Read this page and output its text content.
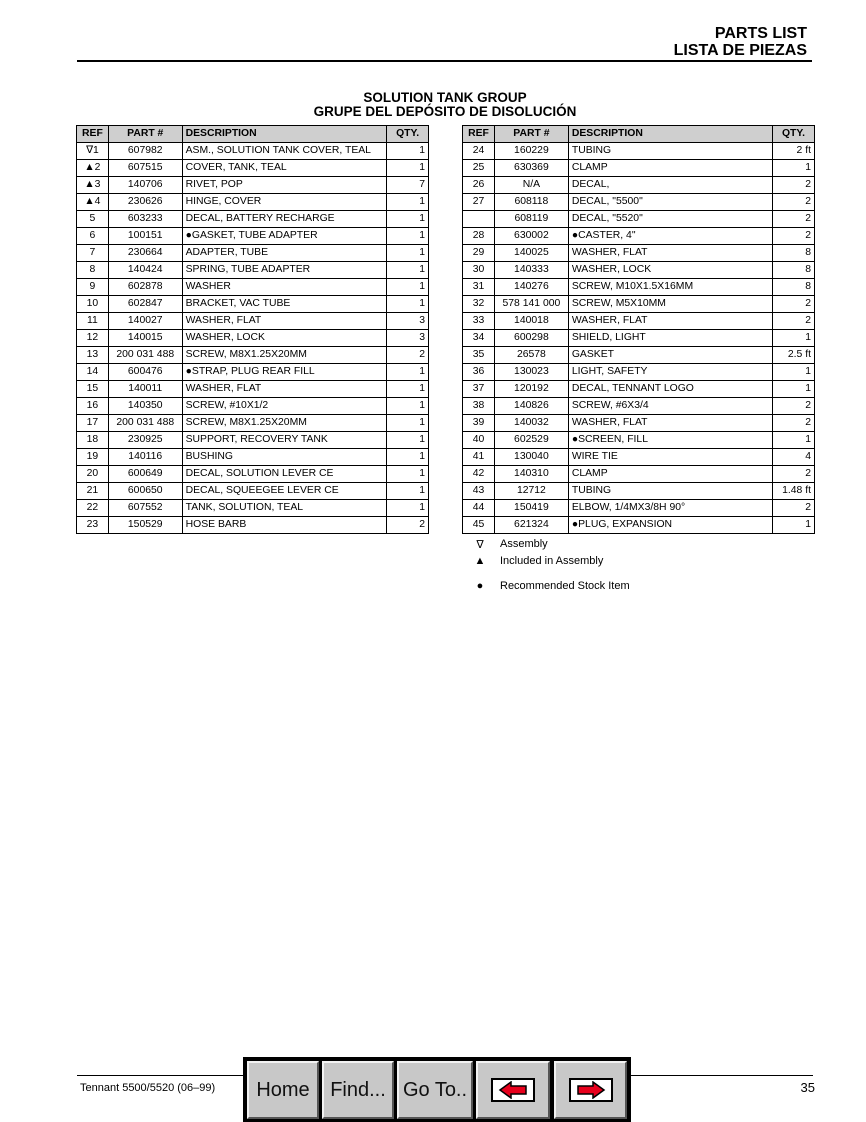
PARTS LIST
LISTA DE PIEZAS
SOLUTION TANK GROUP
GRUPE DEL DEPÓSITO DE DISOLUCIÓN
REF	PART #	DESCRIPTION	QTY.
∇1	607982	ASM., SOLUTION TANK COVER, TEAL	1
▲2	607515	COVER, TANK, TEAL	1
▲3	140706	RIVET, POP	7
▲4	230626	HINGE, COVER	1
5	603233	DECAL, BATTERY RECHARGE	1
6	100151	●GASKET, TUBE ADAPTER	1
7	230664	ADAPTER, TUBE	1
8	140424	SPRING, TUBE ADAPTER	1
9	602878	WASHER	1
10	602847	BRACKET, VAC TUBE	1
11	140027	WASHER, FLAT	3
12	140015	WASHER, LOCK	3
13	200 031 488	SCREW, M8X1.25X20MM	2
14	600476	●STRAP, PLUG REAR FILL	1
15	140011	WASHER, FLAT	1
16	140350	SCREW, #10X1/2	1
17	200 031 488	SCREW, M8X1.25X20MM	1
18	230925	SUPPORT, RECOVERY TANK	1
19	140116	BUSHING	1
20	600649	DECAL, SOLUTION LEVER CE	1
21	600650	DECAL, SQUEEGEE LEVER CE	1
22	607552	TANK, SOLUTION, TEAL	1
23	150529	HOSE BARB	2
REF	PART #	DESCRIPTION	QTY.
24	160229	TUBING	2 ft
25	630369	CLAMP	1
26	N/A	DECAL,	2
27	608118	DECAL, "5500"	2
	608119	DECAL, "5520"	2
28	630002	●CASTER, 4"	2
29	140025	WASHER, FLAT	8
30	140333	WASHER, LOCK	8
31	140276	SCREW, M10X1.5X16MM	8
32	578 141 000	SCREW, M5X10MM	2
33	140018	WASHER, FLAT	2
34	600298	SHIELD, LIGHT	1
35	26578	GASKET	2.5 ft
36	130023	LIGHT, SAFETY	1
37	120192	DECAL, TENNANT LOGO	1
38	140826	SCREW, #6X3/4	2
39	140032	WASHER, FLAT	2
40	602529	●SCREEN, FILL	1
41	130040	WIRE TIE	4
42	140310	CLAMP	2
43	12712	TUBING	1.48 ft
44	150419	ELBOW, 1/4MX3/8H 90°	2
45	621324	●PLUG, EXPANSION	1
∇	Assembly
▲	Included in Assembly
●	Recommended Stock Item
Tennant 5500/5520 (06–99)	35
Home	Find... Go To..
